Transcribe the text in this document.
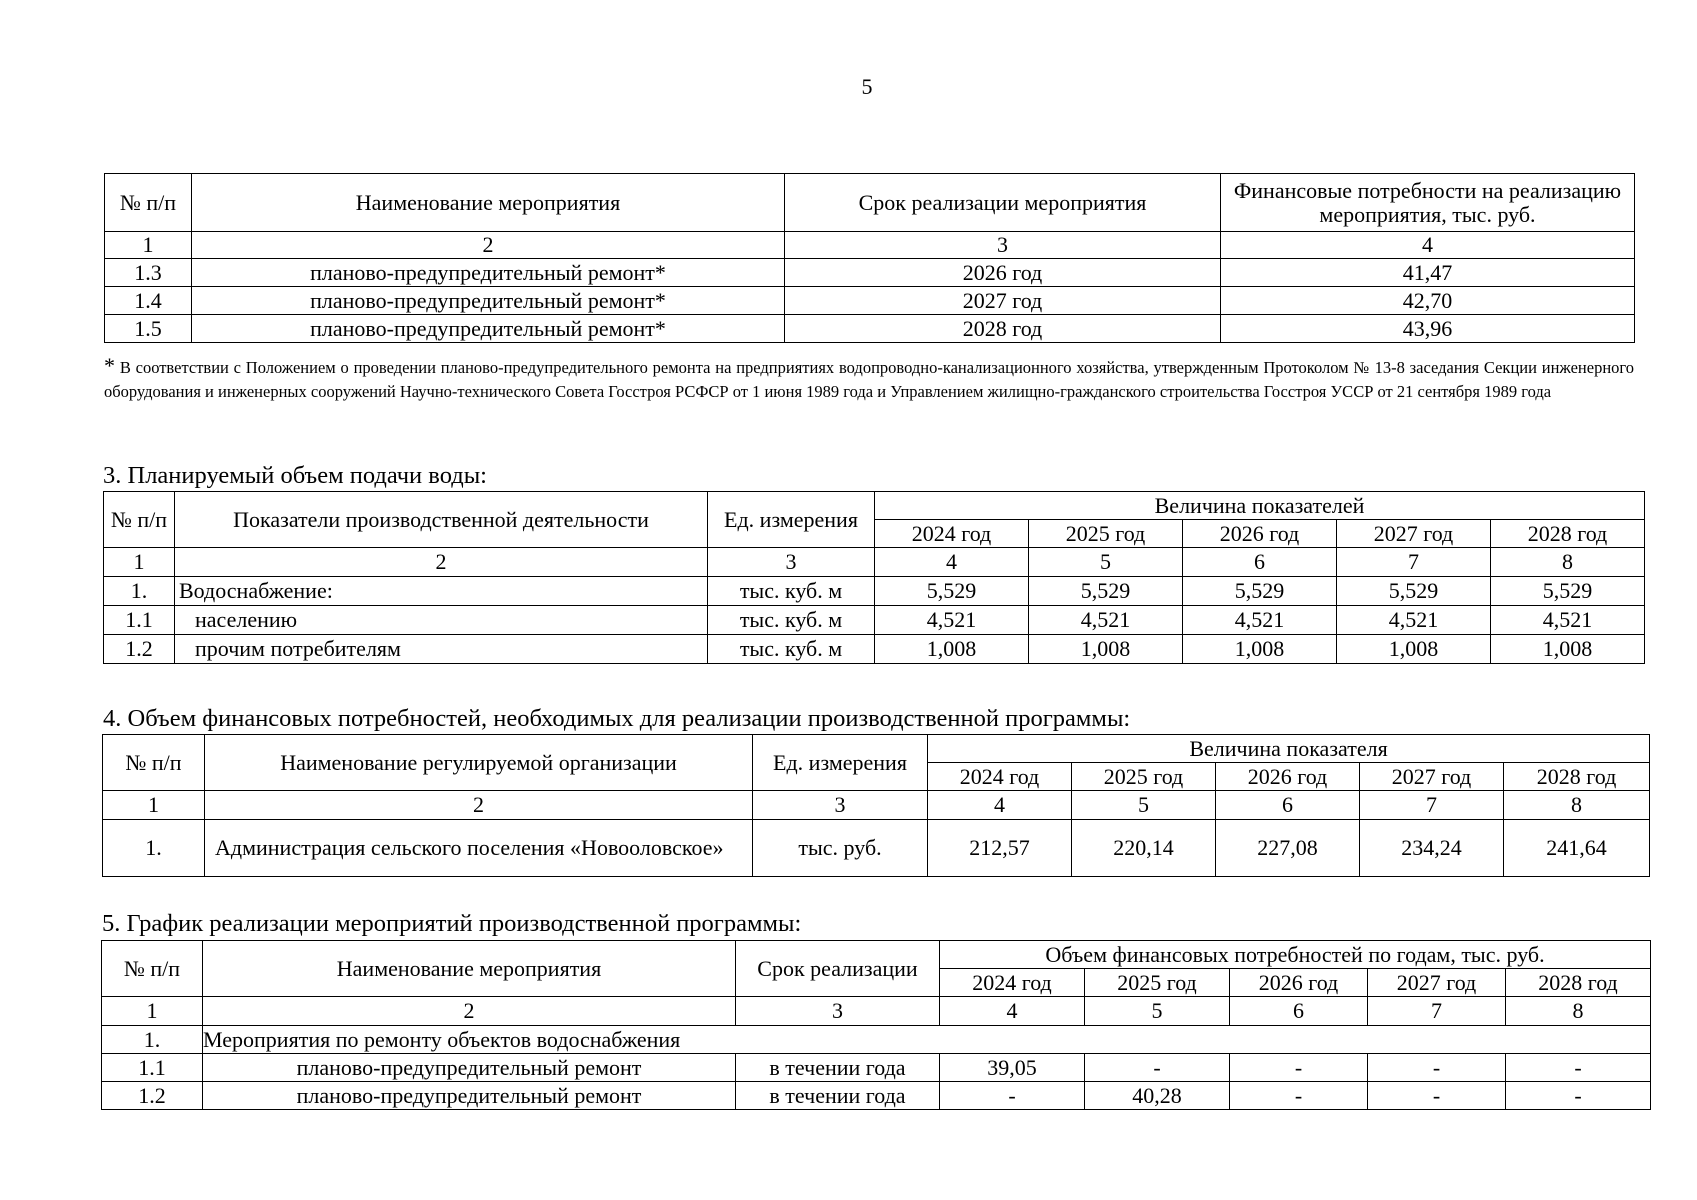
5
№ п/п	Наименование мероприятия	Срок реализации мероприятия	Финансовые потребности на реализацию мероприятия, тыс. руб.
1	2	3	4
1.3	планово-предупредительный ремонт*	2026 год	41,47
1.4	планово-предупредительный ремонт*	2027 год	42,70
1.5	планово-предупредительный ремонт*	2028 год	43,96
* В соответствии с Положением о проведении планово-предупредительного ремонта на предприятиях водопроводно-канализационного хозяйства, утвержденным Протоколом № 13-8 заседания Секции инженерного оборудования и инженерных сооружений Научно-технического Совета Госстроя РСФСР от 1 июня 1989 года и Управлением жилищно-гражданского строительства Госстроя УССР от 21 сентября 1989 года
3. Планируемый объем подачи воды:
№ п/п	Показатели производственной деятельности	Ед. измерения	Величина показателей				
			2024 год	2025 год	2026 год	2027 год	2028 год
1	2	3	4	5	6	7	8
1.	Водоснабжение:	тыс. куб. м	5,529	5,529	5,529	5,529	5,529
1.1	населению	тыс. куб. м	4,521	4,521	4,521	4,521	4,521
1.2	прочим потребителям	тыс. куб. м	1,008	1,008	1,008	1,008	1,008
4. Объем финансовых потребностей, необходимых для реализации производственной программы:
№ п/п	Наименование регулируемой организации	Ед. измерения	Величина показателя				
			2024 год	2025 год	2026 год	2027 год	2028 год
1	2	3	4	5	6	7	8
1.	Администрация сельского поселения «Новооловское»	тыс. руб.	212,57	220,14	227,08	234,24	241,64
5. График реализации мероприятий производственной программы:
№ п/п	Наименование мероприятия	Срок реализации	Объем финансовых потребностей по годам, тыс. руб.				
			2024 год	2025 год	2026 год	2027 год	2028 год
1	2	3	4	5	6	7	8
1.	Мероприятия по ремонту объектов водоснабжения						
1.1	планово-предупредительный ремонт	в течении года	39,05	-	-	-	-
1.2	планово-предупредительный ремонт	в течении года	-	40,28	-	-	-
